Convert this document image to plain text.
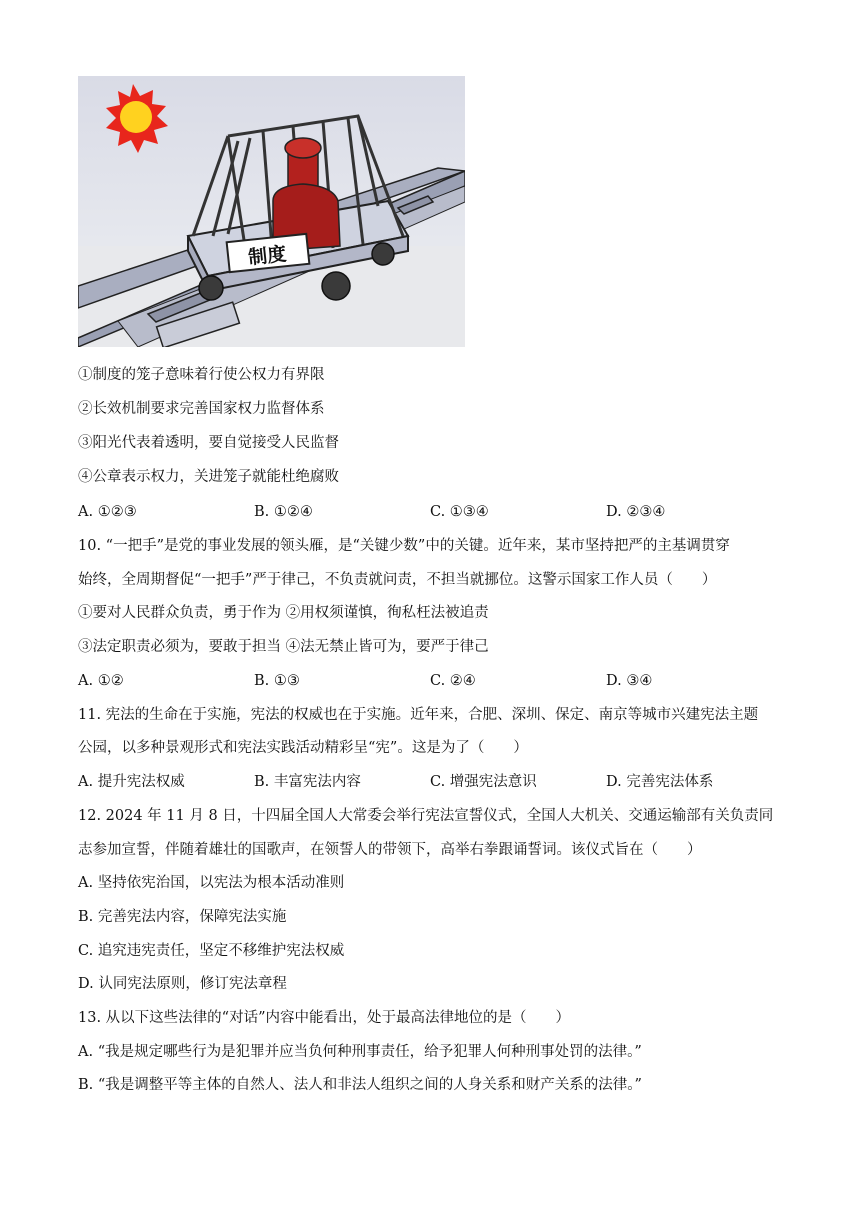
制度
①制度的笼子意味着行使公权力有界限
②长效机制要求完善国家权力监督体系
③阳光代表着透明，要自觉接受人民监督
④公章表示权力，关进笼子就能杜绝腐败
A. ①②③	B. ①②④	C. ①③④	D. ②③④
10. “一把手”是党的事业发展的领头雁，是“关键少数”中的关键。近年来，某市坚持把严的主基调贯穿
始终，全周期督促“一把手”严于律己，不负责就问责，不担当就挪位。这警示国家工作人员（　　）
①要对人民群众负责，勇于作为 ②用权须谨慎，徇私枉法被追责
③法定职责必须为，要敢于担当 ④法无禁止皆可为，要严于律己
A. ①②	B. ①③	C. ②④	D. ③④
11. 宪法的生命在于实施，宪法的权威也在于实施。近年来，合肥、深圳、保定、南京等城市兴建宪法主题
公园，以多种景观形式和宪法实践活动精彩呈“宪”。这是为了（　　）
A. 提升宪法权威	B. 丰富宪法内容	C. 增强宪法意识	D. 完善宪法体系
12. 2024 年 11 月 8 日，十四届全国人大常委会举行宪法宣誓仪式，全国人大机关、交通运输部有关负责同
志参加宣誓，伴随着雄壮的国歌声，在领誓人的带领下，高举右拳跟诵誓词。该仪式旨在（　　）
A. 坚持依宪治国，以宪法为根本活动准则
B. 完善宪法内容，保障宪法实施
C. 追究违宪责任，坚定不移维护宪法权威
D. 认同宪法原则，修订宪法章程
13. 从以下这些法律的“对话”内容中能看出，处于最高法律地位的是（　　）
A. “我是规定哪些行为是犯罪并应当负何种刑事责任，给予犯罪人何种刑事处罚的法律。”
B. “我是调整平等主体的自然人、法人和非法人组织之间的人身关系和财产关系的法律。”
